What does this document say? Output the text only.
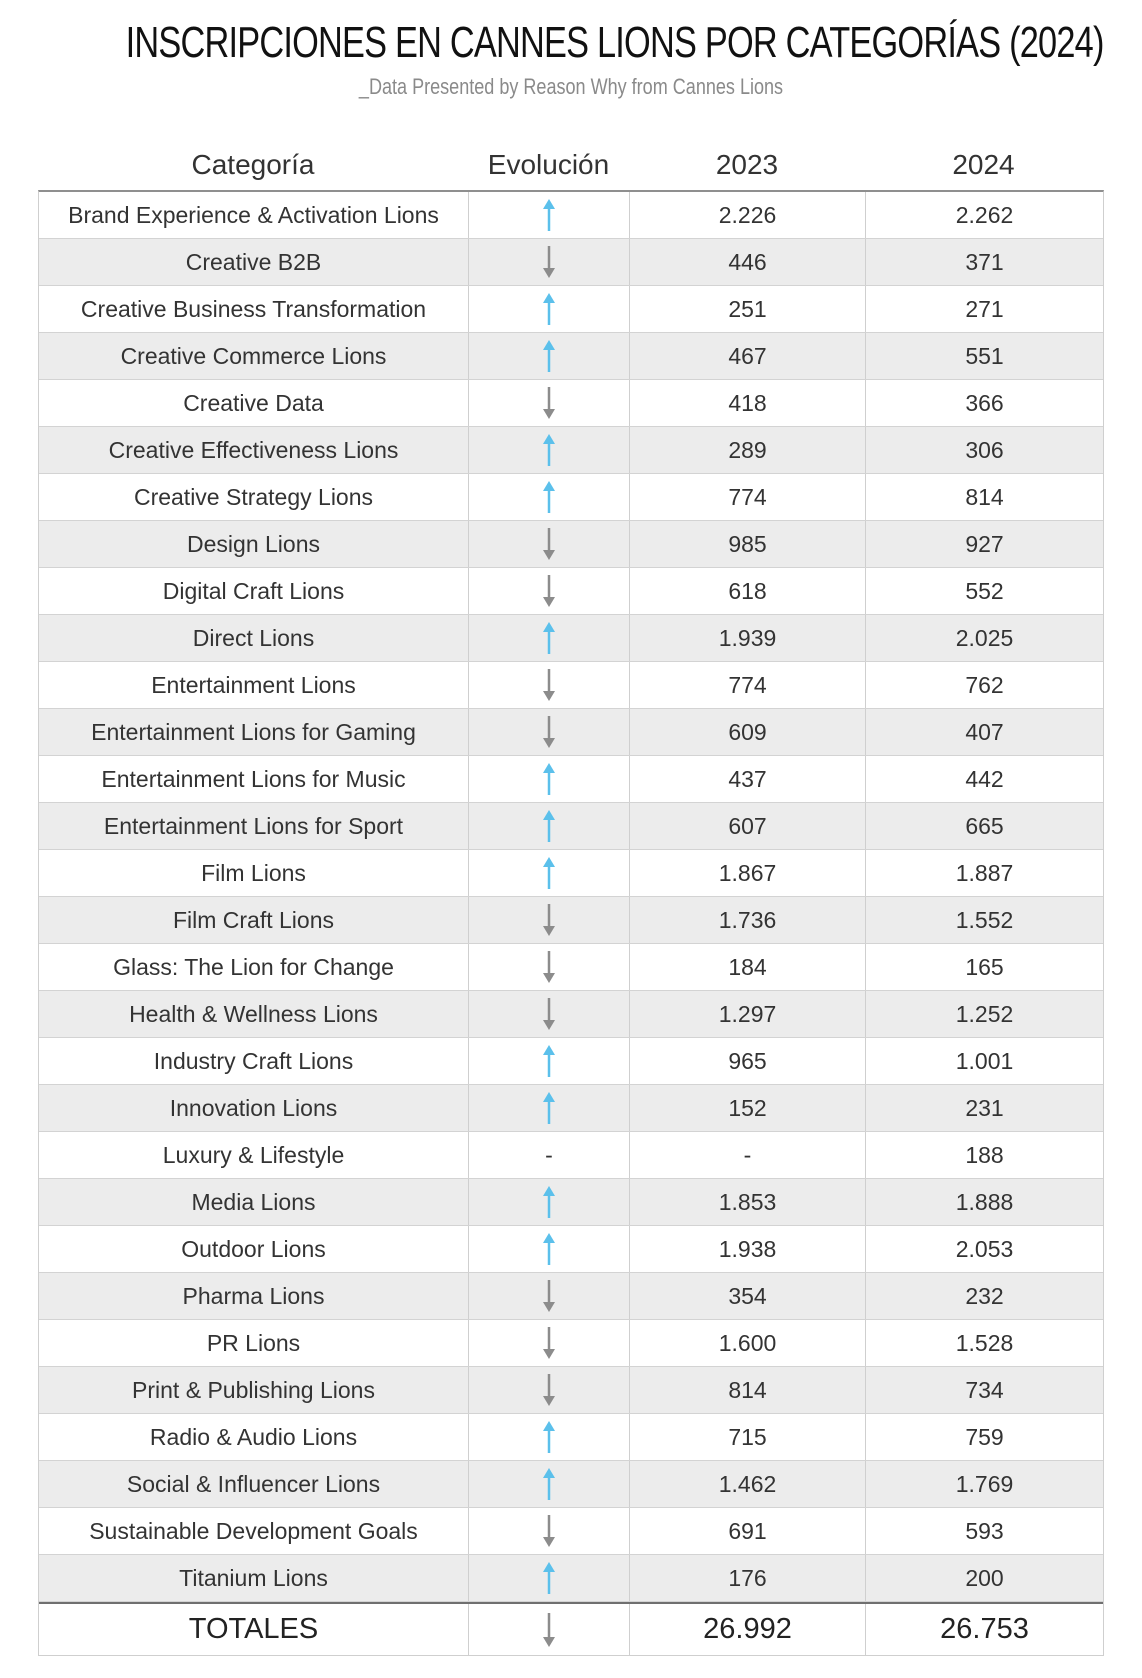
INSCRIPCIONES EN CANNES LIONS POR CATEGORÍAS (2024)
_Data Presented by Reason Why from Cannes Lions
Categoría	Evolución	2023	2024
Brand Experience & Activation Lions	2.226	2.262
Creative B2B	446	371
Creative Business Transformation	251	271
Creative Commerce Lions	467	551
Creative Data	418	366
Creative Effectiveness Lions	289	306
Creative Strategy Lions	774	814
Design Lions	985	927
Digital Craft Lions	618	552
Direct Lions	1.939	2.025
Entertainment Lions	774	762
Entertainment Lions for Gaming	609	407
Entertainment Lions for Music	437	442
Entertainment Lions for Sport	607	665
Film Lions	1.867	1.887
Film Craft Lions	1.736	1.552
Glass: The Lion for Change	184	165
Health & Wellness Lions	1.297	1.252
Industry Craft Lions	965	1.001
Innovation Lions	152	231
Luxury & Lifestyle	-	-	188
Media Lions	1.853	1.888
Outdoor Lions	1.938	2.053
Pharma Lions	354	232
PR Lions	1.600	1.528
Print & Publishing Lions	814	734
Radio & Audio Lions	715	759
Social & Influencer Lions	1.462	1.769
Sustainable Development Goals	691	593
Titanium Lions	176	200
TOTALES	26.992	26.753
